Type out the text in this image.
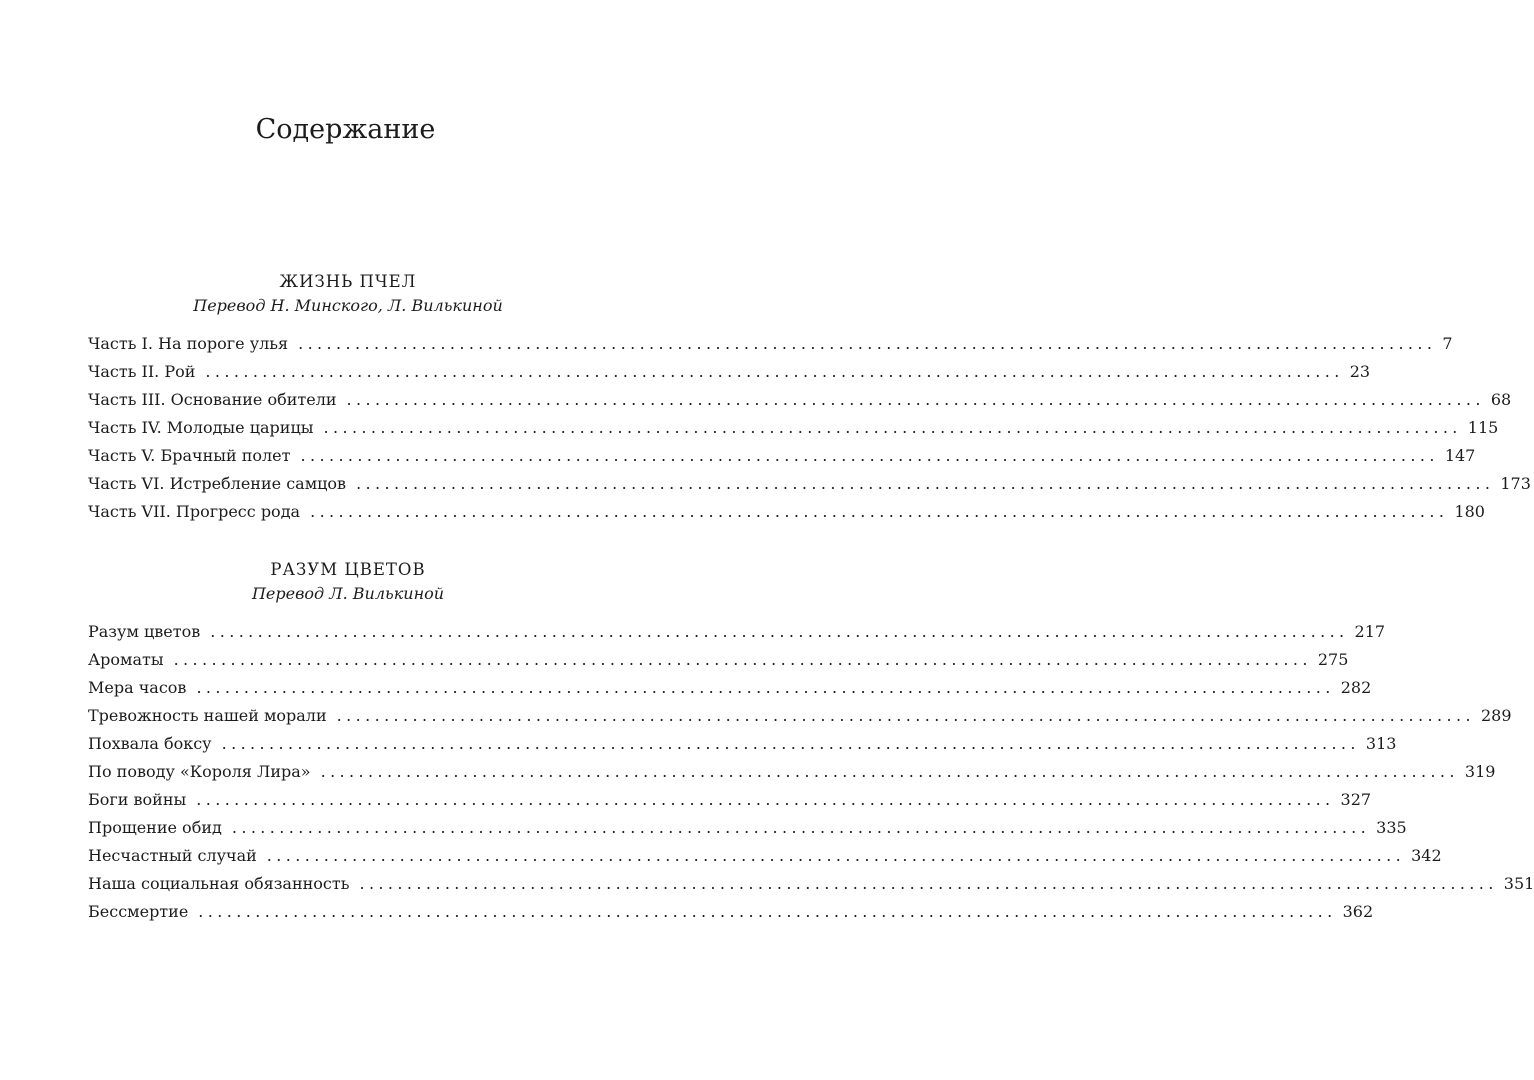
Содержание
ЖИЗНЬ ПЧЕЛ
Перевод Н. Минского, Л. Вилькиной
Часть I. На пороге улья ........................................................................................................................ 7
Часть II. Рой ........................................................................................................................ 23
Часть III. Основание обители ........................................................................................................................ 68
Часть IV. Молодые царицы ........................................................................................................................ 115
Часть V. Брачный полет ........................................................................................................................ 147
Часть VI. Истребление самцов ........................................................................................................................ 173
Часть VII. Прогресс рода ........................................................................................................................ 180
РАЗУМ ЦВЕТОВ
Перевод Л. Вилькиной
Разум цветов ........................................................................................................................ 217
Ароматы ........................................................................................................................ 275
Мера часов ........................................................................................................................ 282
Тревожность нашей морали ........................................................................................................................ 289
Похвала боксу ........................................................................................................................ 313
По поводу «Короля Лира» ........................................................................................................................ 319
Боги войны ........................................................................................................................ 327
Прощение обид ........................................................................................................................ 335
Несчастный случай ........................................................................................................................ 342
Наша социальная обязанность ........................................................................................................................ 351
Бессмертие ........................................................................................................................ 362
